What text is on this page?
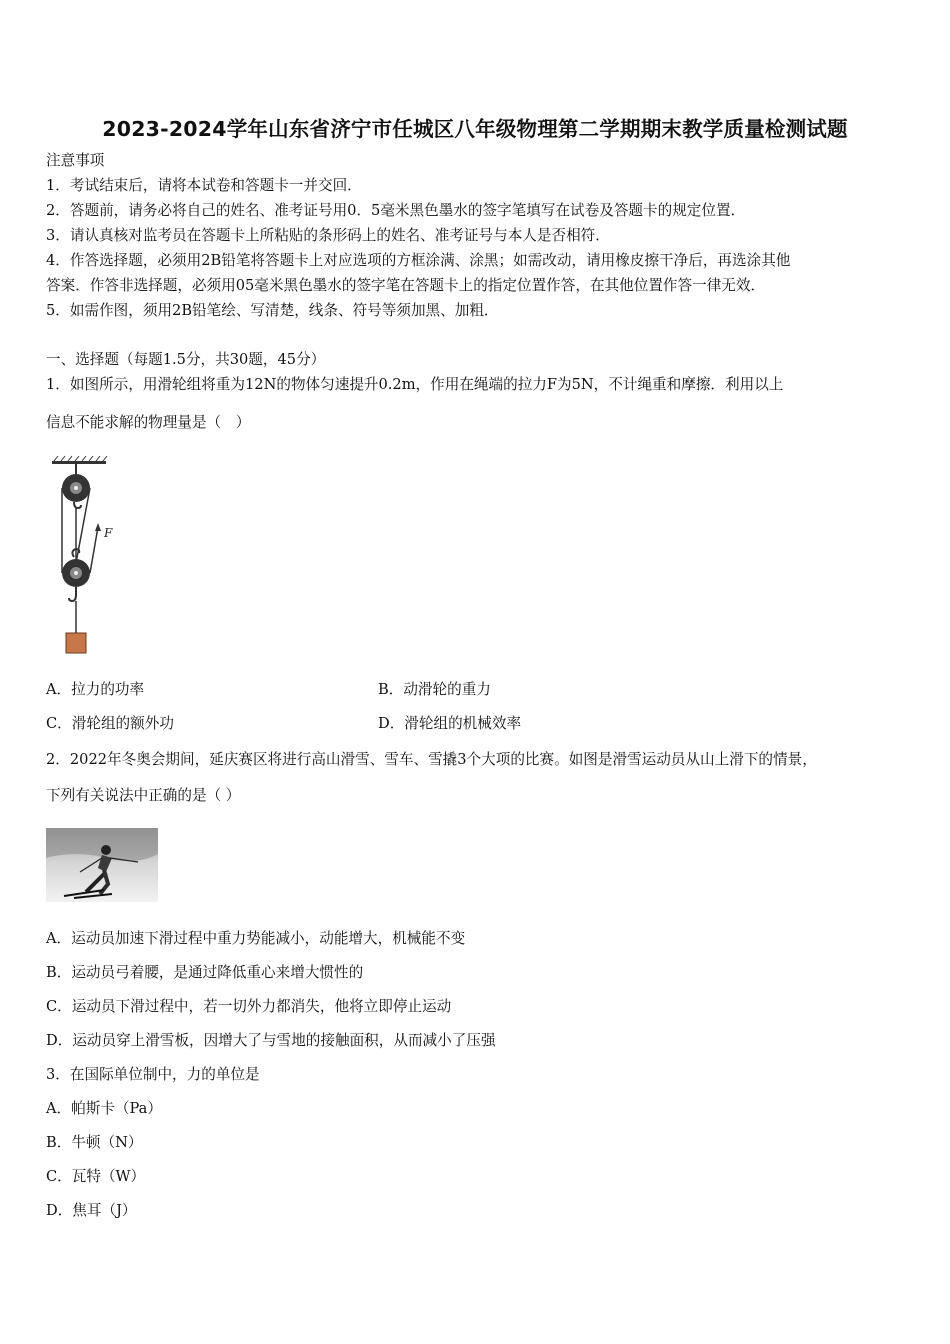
2023-2024学年山东省济宁市任城区八年级物理第二学期期末教学质量检测试题
注意事项
1．考试结束后，请将本试卷和答题卡一并交回．
2．答题前，请务必将自己的姓名、准考证号用0．5毫米黑色墨水的签字笔填写在试卷及答题卡的规定位置．
3．请认真核对监考员在答题卡上所粘贴的条形码上的姓名、准考证号与本人是否相符．
4．作答选择题，必须用2B铅笔将答题卡上对应选项的方框涂满、涂黑；如需改动，请用橡皮擦干净后，再选涂其他
答案．作答非选择题，必须用05毫米黑色墨水的签字笔在答题卡上的指定位置作答，在其他位置作答一律无效．
5．如需作图，须用2B铅笔绘、写清楚，线条、符号等须加黑、加粗．
一、选择题（每题1.5分，共30题，45分）
1．如图所示，用滑轮组将重为12N的物体匀速提升0.2m，作用在绳端的拉力F为5N，不计绳重和摩擦．利用以上
信息不能求解的物理量是（　）
F
A．拉力的功率	B．动滑轮的重力
C．滑轮组的额外功	D．滑轮组的机械效率
2．2022年冬奥会期间，延庆赛区将进行高山滑雪、雪车、雪撬3个大项的比赛。如图是滑雪运动员从山上滑下的情景，
下列有关说法中正确的是（ ）
A．运动员加速下滑过程中重力势能减小，动能增大，机械能不变
B．运动员弓着腰，是通过降低重心来增大惯性的
C．运动员下滑过程中，若一切外力都消失，他将立即停止运动
D．运动员穿上滑雪板，因增大了与雪地的接触面积，从而减小了压强
3．在国际单位制中，力的单位是
A．帕斯卡（Pa）
B．牛顿（N）
C．瓦特（W）
D．焦耳（J）
